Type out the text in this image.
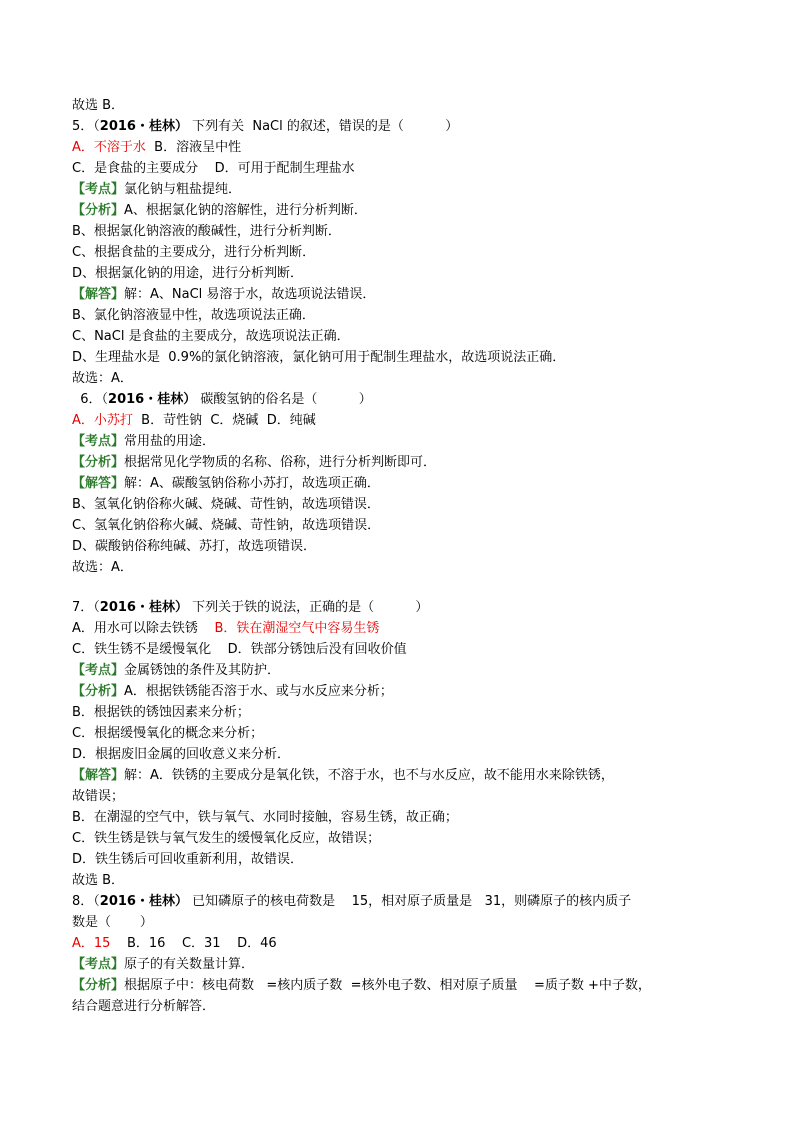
故选 B．
5．（2016・桂林） 下列有关  NaCl 的叙述，错误的是（          ）
A．不溶于水  B．溶液呈中性
C．是食盐的主要成分    D．可用于配制生理盐水
【考点】氯化钠与粗盐提纯．
【分析】A、根据氯化钠的溶解性，进行分析判断．
B、根据氯化钠溶液的酸碱性，进行分析判断．
C、根据食盐的主要成分，进行分析判断．
D、根据氯化钠的用途，进行分析判断．
【解答】解：A、NaCl 易溶于水，故选项说法错误．
B、氯化钠溶液显中性，故选项说法正确．
C、NaCl 是食盐的主要成分，故选项说法正确．
D、生理盐水是  0.9%的氯化钠溶液，氯化钠可用于配制生理盐水，故选项说法正确．
故选：A．
6．（2016・桂林） 碳酸氢钠的俗名是（          ）
A．小苏打  B．苛性钠  C．烧碱  D．纯碱
【考点】常用盐的用途．
【分析】根据常见化学物质的名称、俗称，进行分析判断即可．
【解答】解：A、碳酸氢钠俗称小苏打，故选项正确．
B、氢氧化钠俗称火碱、烧碱、苛性钠，故选项错误．
C、氢氧化钠俗称火碱、烧碱、苛性钠，故选项错误．
D、碳酸钠俗称纯碱、苏打，故选项错误．
故选：A．
7．（2016・桂林） 下列关于铁的说法，正确的是（          ）
A．用水可以除去铁锈    B．铁在潮湿空气中容易生锈
C．铁生锈不是缓慢氧化    D．铁部分锈蚀后没有回收价值
【考点】金属锈蚀的条件及其防护．
【分析】A．根据铁锈能否溶于水、或与水反应来分析；
B．根据铁的锈蚀因素来分析；
C．根据缓慢氧化的概念来分析；
D．根据废旧金属的回收意义来分析．
【解答】解：A．铁锈的主要成分是氧化铁，不溶于水，也不与水反应，故不能用水来除铁锈，
故错误；
B．在潮湿的空气中，铁与氧气、水同时接触，容易生锈，故正确；
C．铁生锈是铁与氧气发生的缓慢氧化反应，故错误；
D．铁生锈后可回收重新利用，故错误．
故选 B．
8．（2016・桂林） 已知磷原子的核电荷数是    15，相对原子质量是   31，则磷原子的核内质子
数是（       ）
A．15    B．16    C．31    D．46
【考点】原子的有关数量计算．
【分析】根据原子中：核电荷数   =核内质子数  =核外电子数、相对原子质量    =质子数 +中子数，
结合题意进行分析解答．
